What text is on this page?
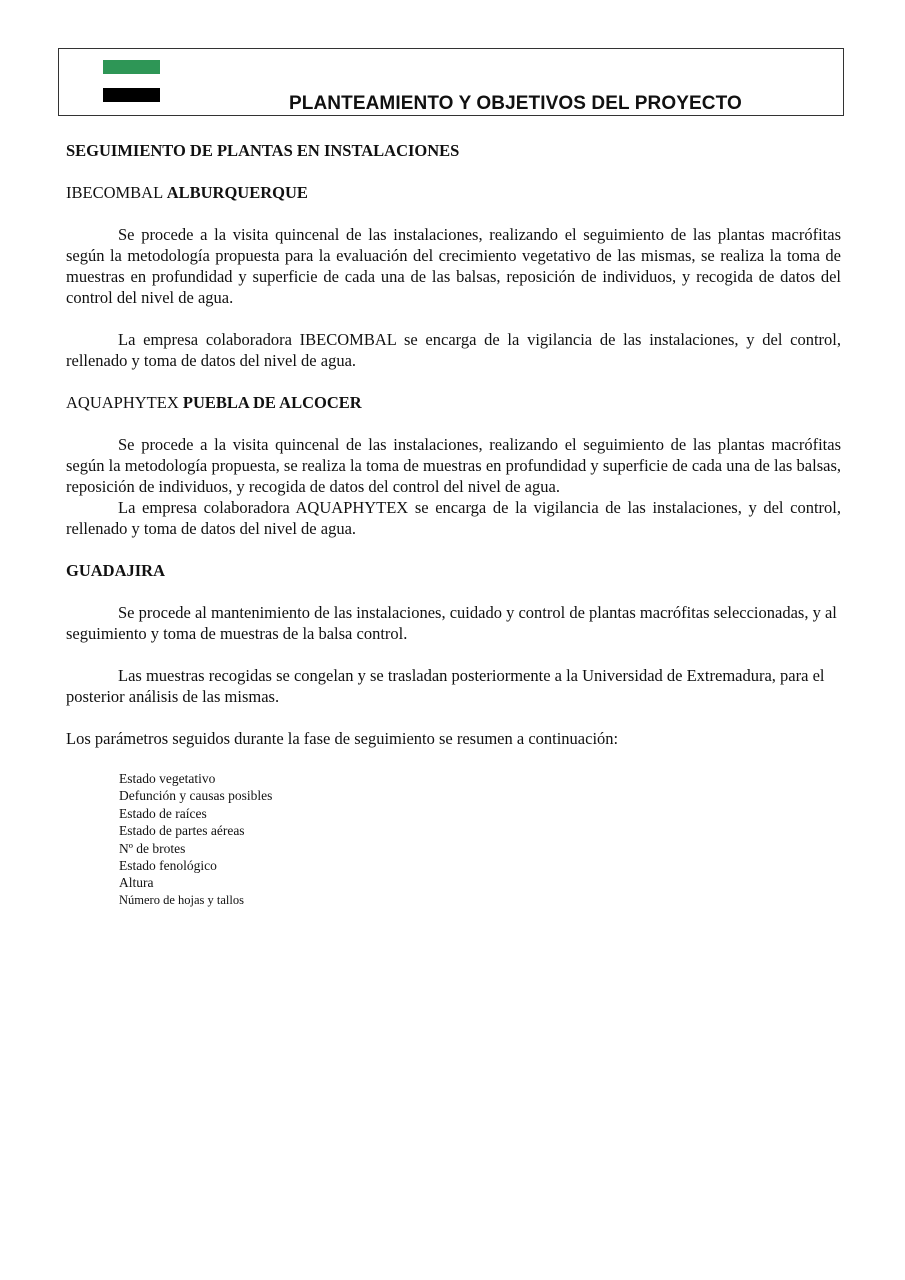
PLANTEAMIENTO Y OBJETIVOS DEL PROYECTO

SEGUIMIENTO DE PLANTAS EN INSTALACIONES

IBECOMBAL ALBURQUERQUE

Se procede a la visita quincenal de las instalaciones, realizando el seguimiento de las plantas macrófitas según la metodología propuesta para la evaluación del crecimiento vegetativo de las mismas, se realiza la toma de muestras en profundidad y superficie de cada una de las balsas, reposición de individuos, y recogida de datos del control del nivel de agua.

La empresa colaboradora IBECOMBAL se encarga de la vigilancia de las instalaciones, y del control, rellenado y toma de datos del nivel de agua.

AQUAPHYTEX PUEBLA DE ALCOCER

Se procede a la visita quincenal de las instalaciones, realizando el seguimiento de las plantas macrófitas según la metodología propuesta, se realiza la toma de muestras en profundidad y superficie de cada una de las balsas, reposición de individuos, y recogida de datos del control del nivel de agua.

La empresa colaboradora AQUAPHYTEX se encarga de la vigilancia de las instalaciones, y del control, rellenado y toma de datos del nivel de agua.

GUADAJIRA

Se procede al mantenimiento de las instalaciones, cuidado y control de plantas macrófitas seleccionadas, y al seguimiento y toma de muestras de la balsa control.

Las muestras recogidas se congelan y se trasladan posteriormente a la Universidad de Extremadura, para el posterior análisis de las mismas.

Los parámetros seguidos durante la fase de seguimiento se resumen a continuación:

Estado vegetativo
Defunción y causas posibles
Estado de raíces
Estado de partes aéreas
Nº de brotes
Estado fenológico
Altura
Número de hojas y tallos
